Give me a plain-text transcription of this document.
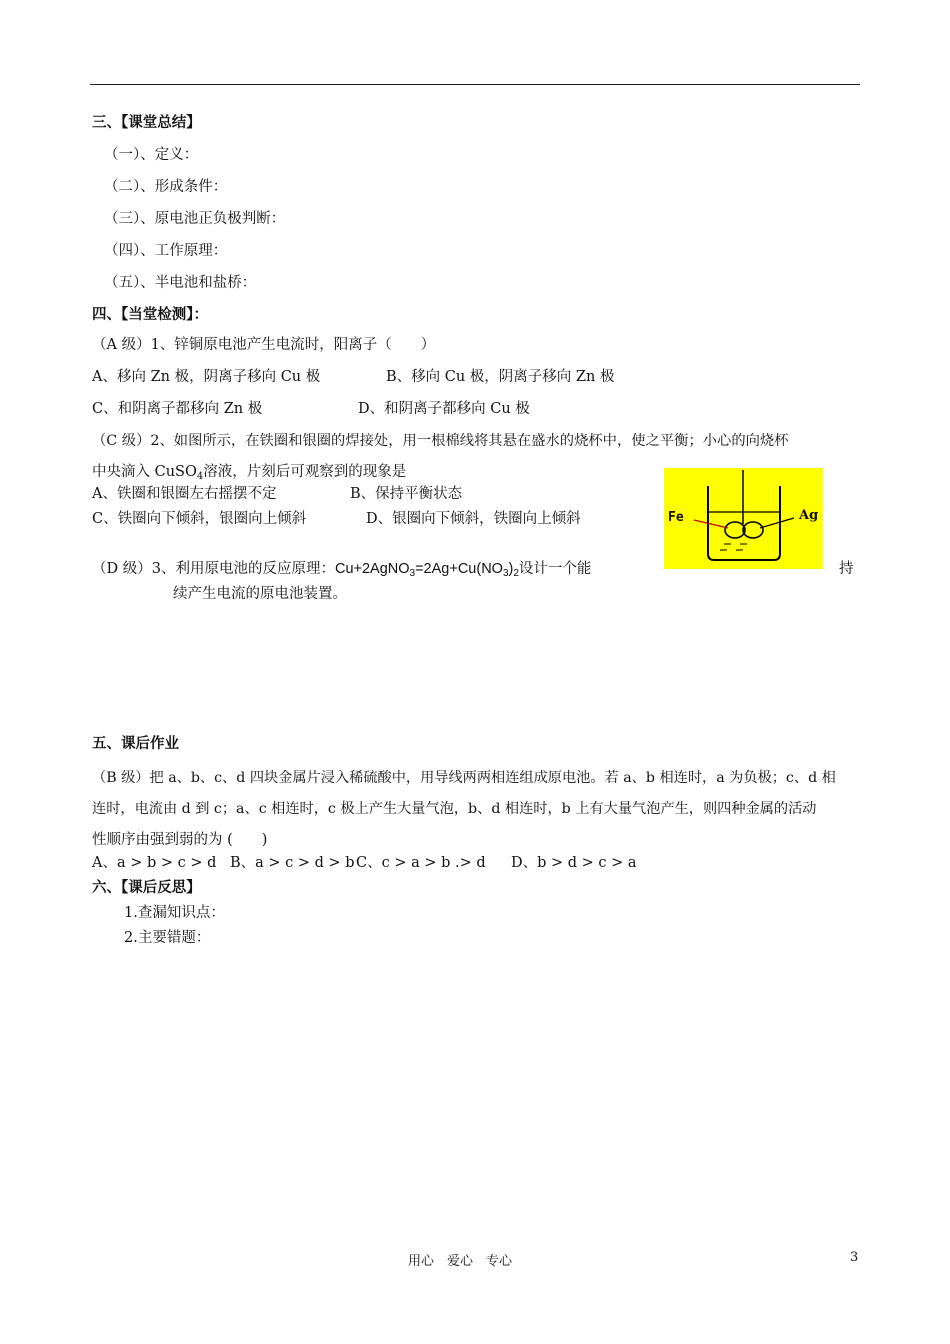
三、【课堂总结】
（一）、定义：
（二）、形成条件：
（三）、原电池正负极判断：
（四）、工作原理：
（五）、半电池和盐桥：
四、【当堂检测】：
（A 级）1、锌铜原电池产生电流时，阳离子（　　）
A、移向 Zn 极，阴离子移向 Cu 极	B、移向 Cu 极，阴离子移向 Zn 极
C、和阴离子都移向 Zn 极	D、和阴离子都移向 Cu 极
（C 级）2、如图所示，在铁圈和银圈的焊接处，用一根棉线将其悬在盛水的烧杯中，使之平衡；小心的向烧杯
中央滴入 CuSO$_4$溶液，片刻后可观察到的现象是
A、铁圈和银圈左右摇摆不定	B、保持平衡状态
C、铁圈向下倾斜，银圈向上倾斜	D、银圈向下倾斜，铁圈向上倾斜	Fe	Ag
（D 级）3、利用原电池的反应原理：$Cu+2AgNO_3=2Ag+Cu(NO_3)_2$设计一个能	持
续产生电流的原电池装置。
五、课后作业
（B 级）把 a、b、c、d 四块金属片浸入稀硫酸中，用导线两两相连组成原电池。若 a、b 相连时，a 为负极；c、d 相
连时，电流由 d 到 c；a、c 相连时，c 极上产生大量气泡，b、d 相连时，b 上有大量气泡产生，则四种金属的活动
性顺序由强到弱的为 (　　)
A、a > b > c > d B、a > c > d > b C、c > a > b .> d D、b > d > c > a
六、【课后反思】
1.查漏知识点：
2.主要错题：
用心　爱心　专心	3
